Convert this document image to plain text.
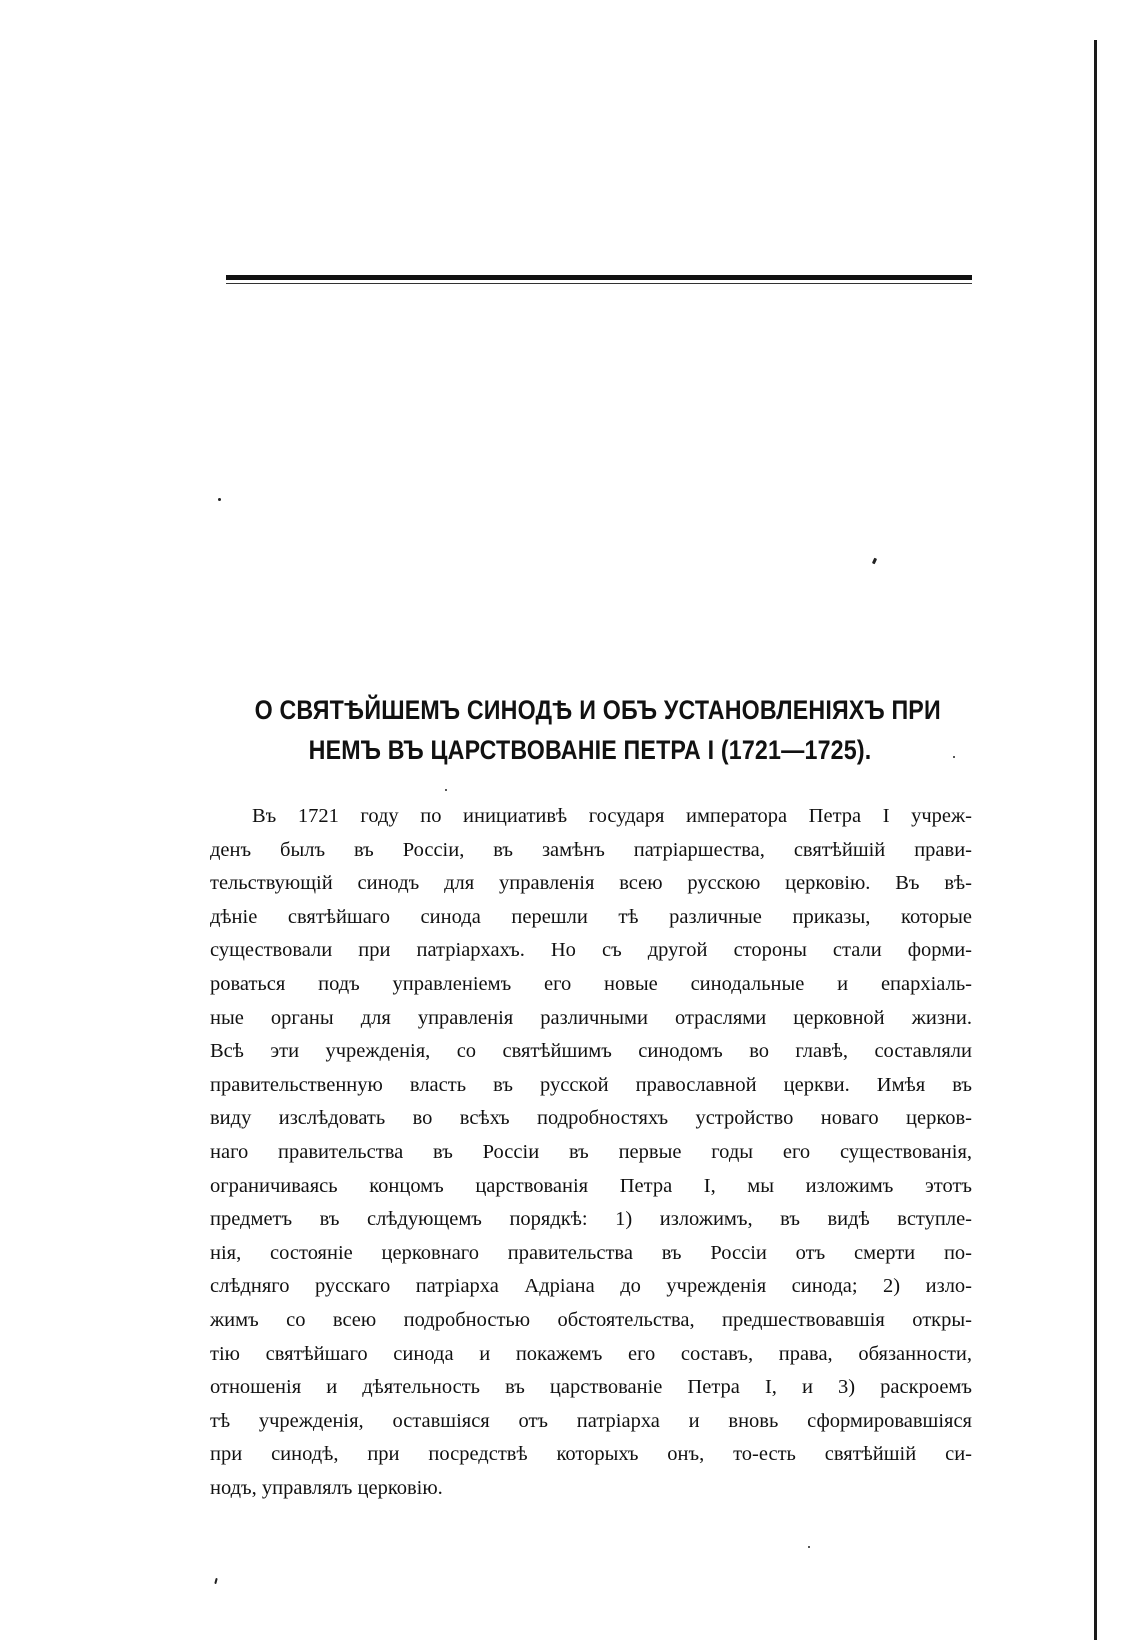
О СВЯТѢЙШЕМЪ СИНОДѢ И ОБЪ УСТАНОВЛЕНІЯХЪ ПРИ
НЕМЪ ВЪ ЦАРСТВОВАНІЕ ПЕТРА I (1721—1725).
Въ 1721 году по инициативѣ государя императора Петра I учреж-
денъ былъ въ Россіи, въ замѣнъ патріаршества, святѣйшій прави-
тельствующій синодъ для управленія всею русскою церковію. Въ вѣ-
дѣніе святѣйшаго синода перешли тѣ различные приказы, которые
существовали при патріархахъ. Но съ другой стороны стали форми-
роваться подъ управленіемъ его новые синодальные и епархіаль-
ные органы для управленія различными отраслями церковной жизни.
Всѣ эти учрежденія, со святѣйшимъ синодомъ во главѣ, составляли
правительственную власть въ русской православной церкви. Имѣя въ
виду изслѣдовать во всѣхъ подробностяхъ устройство новаго церков-
наго правительства въ Россіи въ первые годы его существованія,
ограничиваясь концомъ царствованія Петра I, мы изложимъ этотъ
предметъ въ слѣдующемъ порядкѣ: 1) изложимъ, въ видѣ вступле-
нія, состояніе церковнаго правительства въ Россіи отъ смерти по-
слѣдняго русскаго патріарха Адріана до учрежденія синода; 2) изло-
жимъ со всею подробностью обстоятельства, предшествовавшія откры-
тію святѣйшаго синода и покажемъ его составъ, права, обязанности,
отношенія и дѣятельность въ царствованіе Петра I, и 3) раскроемъ
тѣ учрежденія, оставшіяся отъ патріарха и вновь сформировавшіяся
при синодѣ, при посредствѣ которыхъ онъ, то-есть святѣйшій си-
нодъ, управлялъ церковію.
